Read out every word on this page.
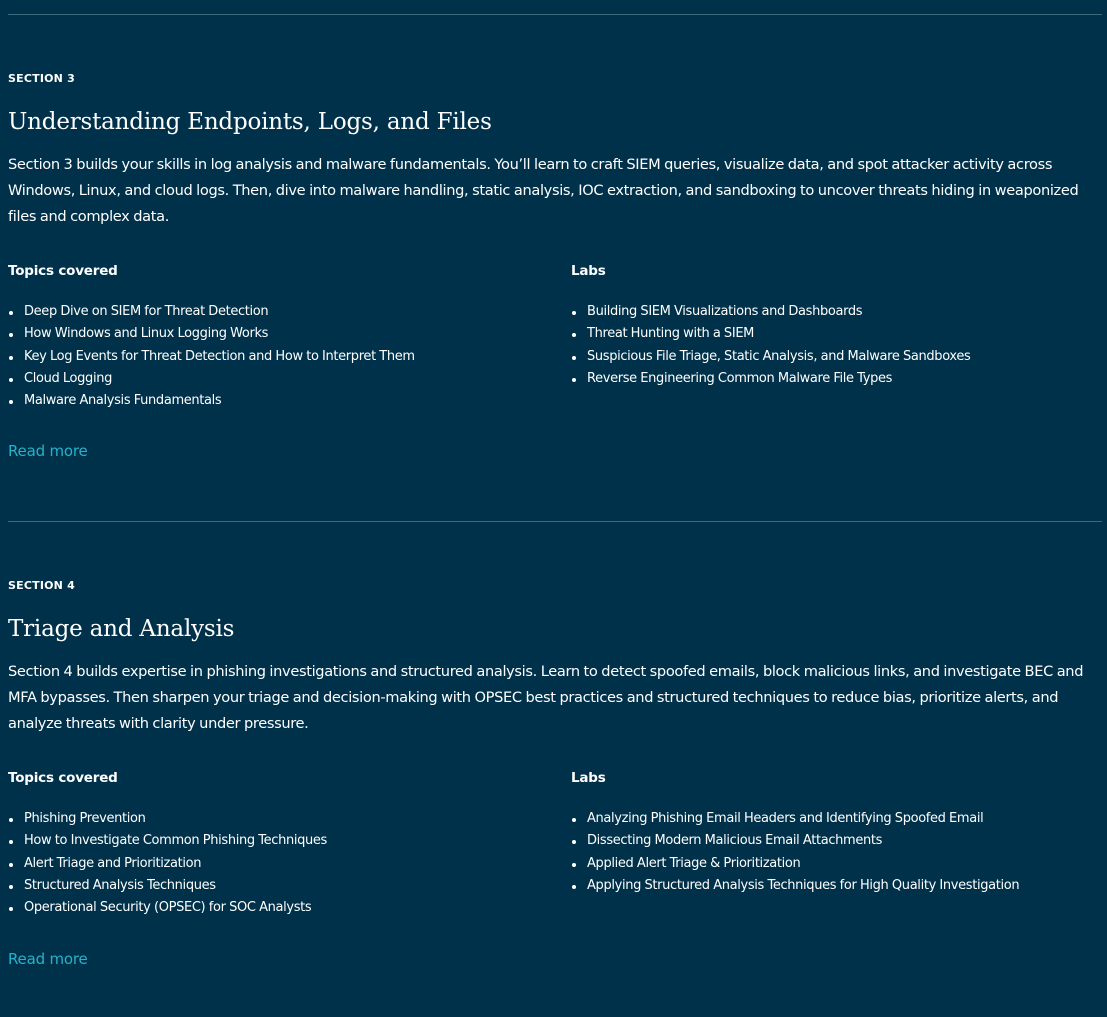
SECTION 3

Understanding Endpoints, Logs, and Files

Section 3 builds your skills in log analysis and malware fundamentals. You’ll learn to craft SIEM queries, visualize data, and spot attacker activity across Windows, Linux, and cloud logs. Then, dive into malware handling, static analysis, IOC extraction, and sandboxing to uncover threats hiding in weaponized files and complex data.

Topics covered

Deep Dive on SIEM for Threat Detection
How Windows and Linux Logging Works
Key Log Events for Threat Detection and How to Interpret Them
Cloud Logging
Malware Analysis Fundamentals

Labs

Building SIEM Visualizations and Dashboards
Threat Hunting with a SIEM
Suspicious File Triage, Static Analysis, and Malware Sandboxes
Reverse Engineering Common Malware File Types
Read more

SECTION 4

Triage and Analysis

Section 4 builds expertise in phishing investigations and structured analysis. Learn to detect spoofed emails, block malicious links, and investigate BEC and MFA bypasses. Then sharpen your triage and decision-making with OPSEC best practices and structured techniques to reduce bias, prioritize alerts, and analyze threats with clarity under pressure.

Topics covered

Phishing Prevention
How to Investigate Common Phishing Techniques
Alert Triage and Prioritization
Structured Analysis Techniques
Operational Security (OPSEC) for SOC Analysts

Labs

Analyzing Phishing Email Headers and Identifying Spoofed Email
Dissecting Modern Malicious Email Attachments
Applied Alert Triage & Prioritization
Applying Structured Analysis Techniques for High Quality Investigation
Read more
